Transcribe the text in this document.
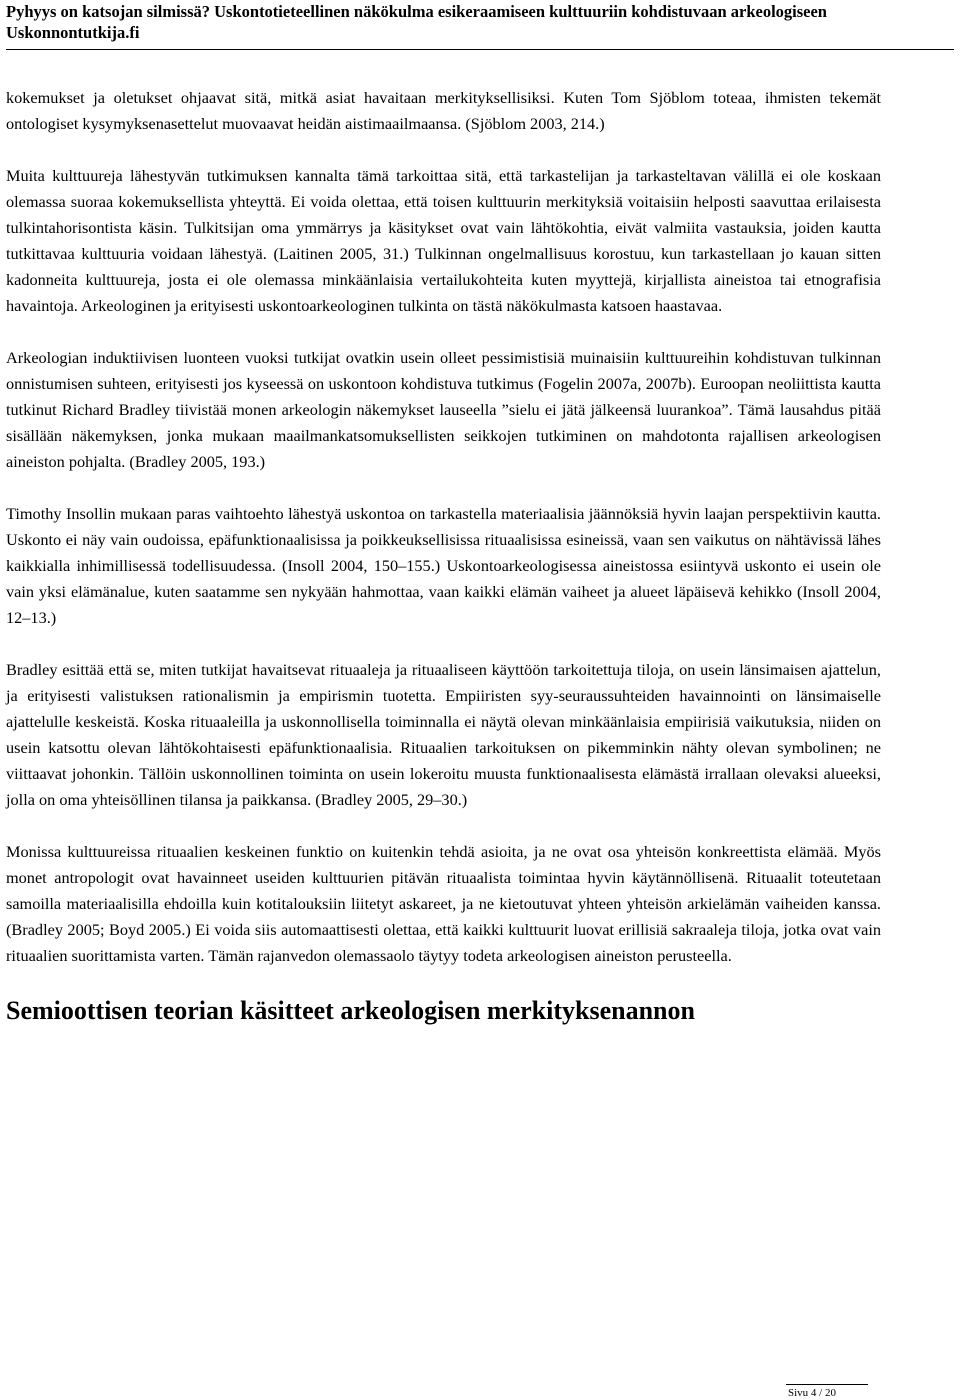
Pyhyys on katsojan silmissä? Uskontotieteellinen näkökulma esikeraamiseen kulttuuriin kohdistuvaan arkeologiseen
Uskonnontutkija.fi

kokemukset ja oletukset ohjaavat sitä, mitkä asiat havaitaan merkityksellisiksi. Kuten Tom Sjöblom toteaa, ihmisten tekemät ontologiset kysymyksenasettelut muovaavat heidän aistimaailmaansa. (Sjöblom 2003, 214.)

Muita kulttuureja lähestyvän tutkimuksen kannalta tämä tarkoittaa sitä, että tarkastelijan ja tarkasteltavan välillä ei ole koskaan olemassa suoraa kokemuksellista yhteyttä. Ei voida olettaa, että toisen kulttuurin merkityksiä voitaisiin helposti saavuttaa erilaisesta tulkintahorisontista käsin. Tulkitsijan oma ymmärrys ja käsitykset ovat vain lähtökohtia, eivät valmiita vastauksia, joiden kautta tutkittavaa kulttuuria voidaan lähestyä. (Laitinen 2005, 31.) Tulkinnan ongelmallisuus korostuu, kun tarkastellaan jo kauan sitten kadonneita kulttuureja, josta ei ole olemassa minkäänlaisia vertailukohteita kuten myyttejä, kirjallista aineistoa tai etnografisia havaintoja. Arkeologinen ja erityisesti uskontoarkeologinen tulkinta on tästä näkökulmasta katsoen haastavaa.

Arkeologian induktiivisen luonteen vuoksi tutkijat ovatkin usein olleet pessimistisiä muinaisiin kulttuureihin kohdistuvan tulkinnan onnistumisen suhteen, erityisesti jos kyseessä on uskontoon kohdistuva tutkimus (Fogelin 2007a, 2007b). Euroopan neoliittista kautta tutkinut Richard Bradley tiivistää monen arkeologin näkemykset lauseella ”sielu ei jätä jälkeensä luurankoa”. Tämä lausahdus pitää sisällään näkemyksen, jonka mukaan maailmankatsomuksellisten seikkojen tutkiminen on mahdotonta rajallisen arkeologisen aineiston pohjalta. (Bradley 2005, 193.)

Timothy Insollin mukaan paras vaihtoehto lähestyä uskontoa on tarkastella materiaalisia jäännöksiä hyvin laajan perspektiivin kautta. Uskonto ei näy vain oudoissa, epäfunktionaalisissa ja poikkeuksellisissa rituaalisissa esineissä, vaan sen vaikutus on nähtävissä lähes kaikkialla inhimillisessä todellisuudessa. (Insoll 2004, 150–155.) Uskontoarkeologisessa aineistossa esiintyvä uskonto ei usein ole vain yksi elämänalue, kuten saatamme sen nykyään hahmottaa, vaan kaikki elämän vaiheet ja alueet läpäisevä kehikko (Insoll 2004, 12–13.)

Bradley esittää että se, miten tutkijat havaitsevat rituaaleja ja rituaaliseen käyttöön tarkoitettuja tiloja, on usein länsimaisen ajattelun, ja erityisesti valistuksen rationalismin ja empirismin tuotetta. Empiiristen syy-seuraussuhteiden havainnointi on länsimaiselle ajattelulle keskeistä. Koska rituaaleilla ja uskonnollisella toiminnalla ei näytä olevan minkäänlaisia empiirisiä vaikutuksia, niiden on usein katsottu olevan lähtökohtaisesti epäfunktionaalisia. Rituaalien tarkoituksen on pikemminkin nähty olevan symbolinen; ne viittaavat johonkin. Tällöin uskonnollinen toiminta on usein lokeroitu muusta funktionaalisesta elämästä irrallaan olevaksi alueeksi, jolla on oma yhteisöllinen tilansa ja paikkansa. (Bradley 2005, 29–30.)

Monissa kulttuureissa rituaalien keskeinen funktio on kuitenkin tehdä asioita, ja ne ovat osa yhteisön konkreettista elämää. Myös monet antropologit ovat havainneet useiden kulttuurien pitävän rituaalista toimintaa hyvin käytännöllisenä. Rituaalit toteutetaan samoilla materiaalisilla ehdoilla kuin kotitalouksiin liitetyt askareet, ja ne kietoutuvat yhteen yhteisön arkielämän vaiheiden kanssa. (Bradley 2005; Boyd 2005.) Ei voida siis automaattisesti olettaa, että kaikki kulttuurit luovat erillisiä sakraaleja tiloja, jotka ovat vain rituaalien suorittamista varten. Tämän rajanvedon olemassaolo täytyy todeta arkeologisen aineiston perusteella.

Semioottisen teorian käsitteet arkeologisen merkityksenannon
Sivu 4 / 20
